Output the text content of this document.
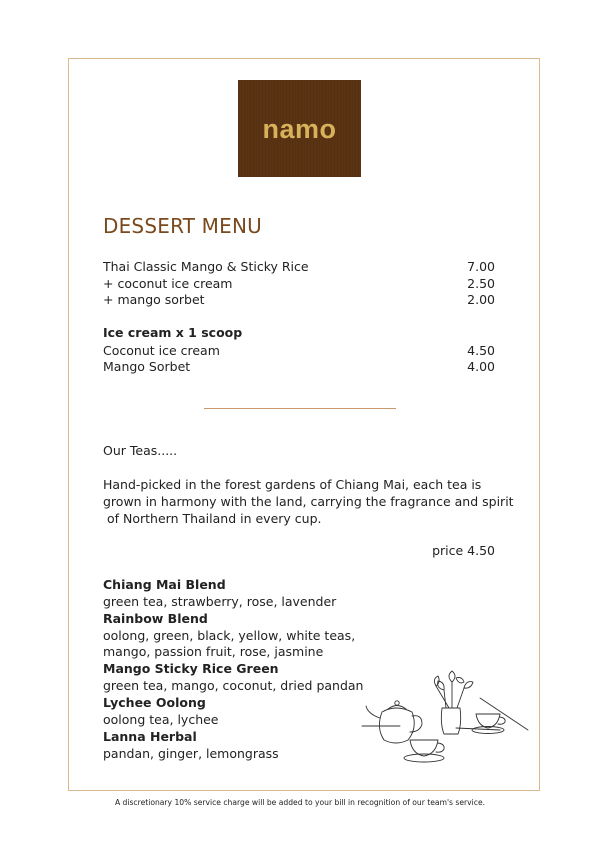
namo
DESSERT MENU
Thai Classic Mango & Sticky Rice	7.00
+ coconut ice cream	2.50
+ mango sorbet	2.00
Ice cream x 1 scoop
Coconut ice cream	4.50
Mango Sorbet	4.00
Our Teas.....
Hand-picked in the forest gardens of Chiang Mai, each tea is
grown in harmony with the land, carrying the fragrance and spirit
of Northern Thailand in every cup.
price 4.50
Chiang Mai Blend
green tea, strawberry, rose, lavender
Rainbow Blend
oolong, green, black, yellow, white teas,
mango, passion fruit, rose, jasmine
Mango Sticky Rice Green
green tea, mango, coconut, dried pandan
Lychee Oolong
oolong tea, lychee
Lanna Herbal
pandan, ginger, lemongrass
A discretionary 10% service charge will be added to your bill in recognition of our team's service.
